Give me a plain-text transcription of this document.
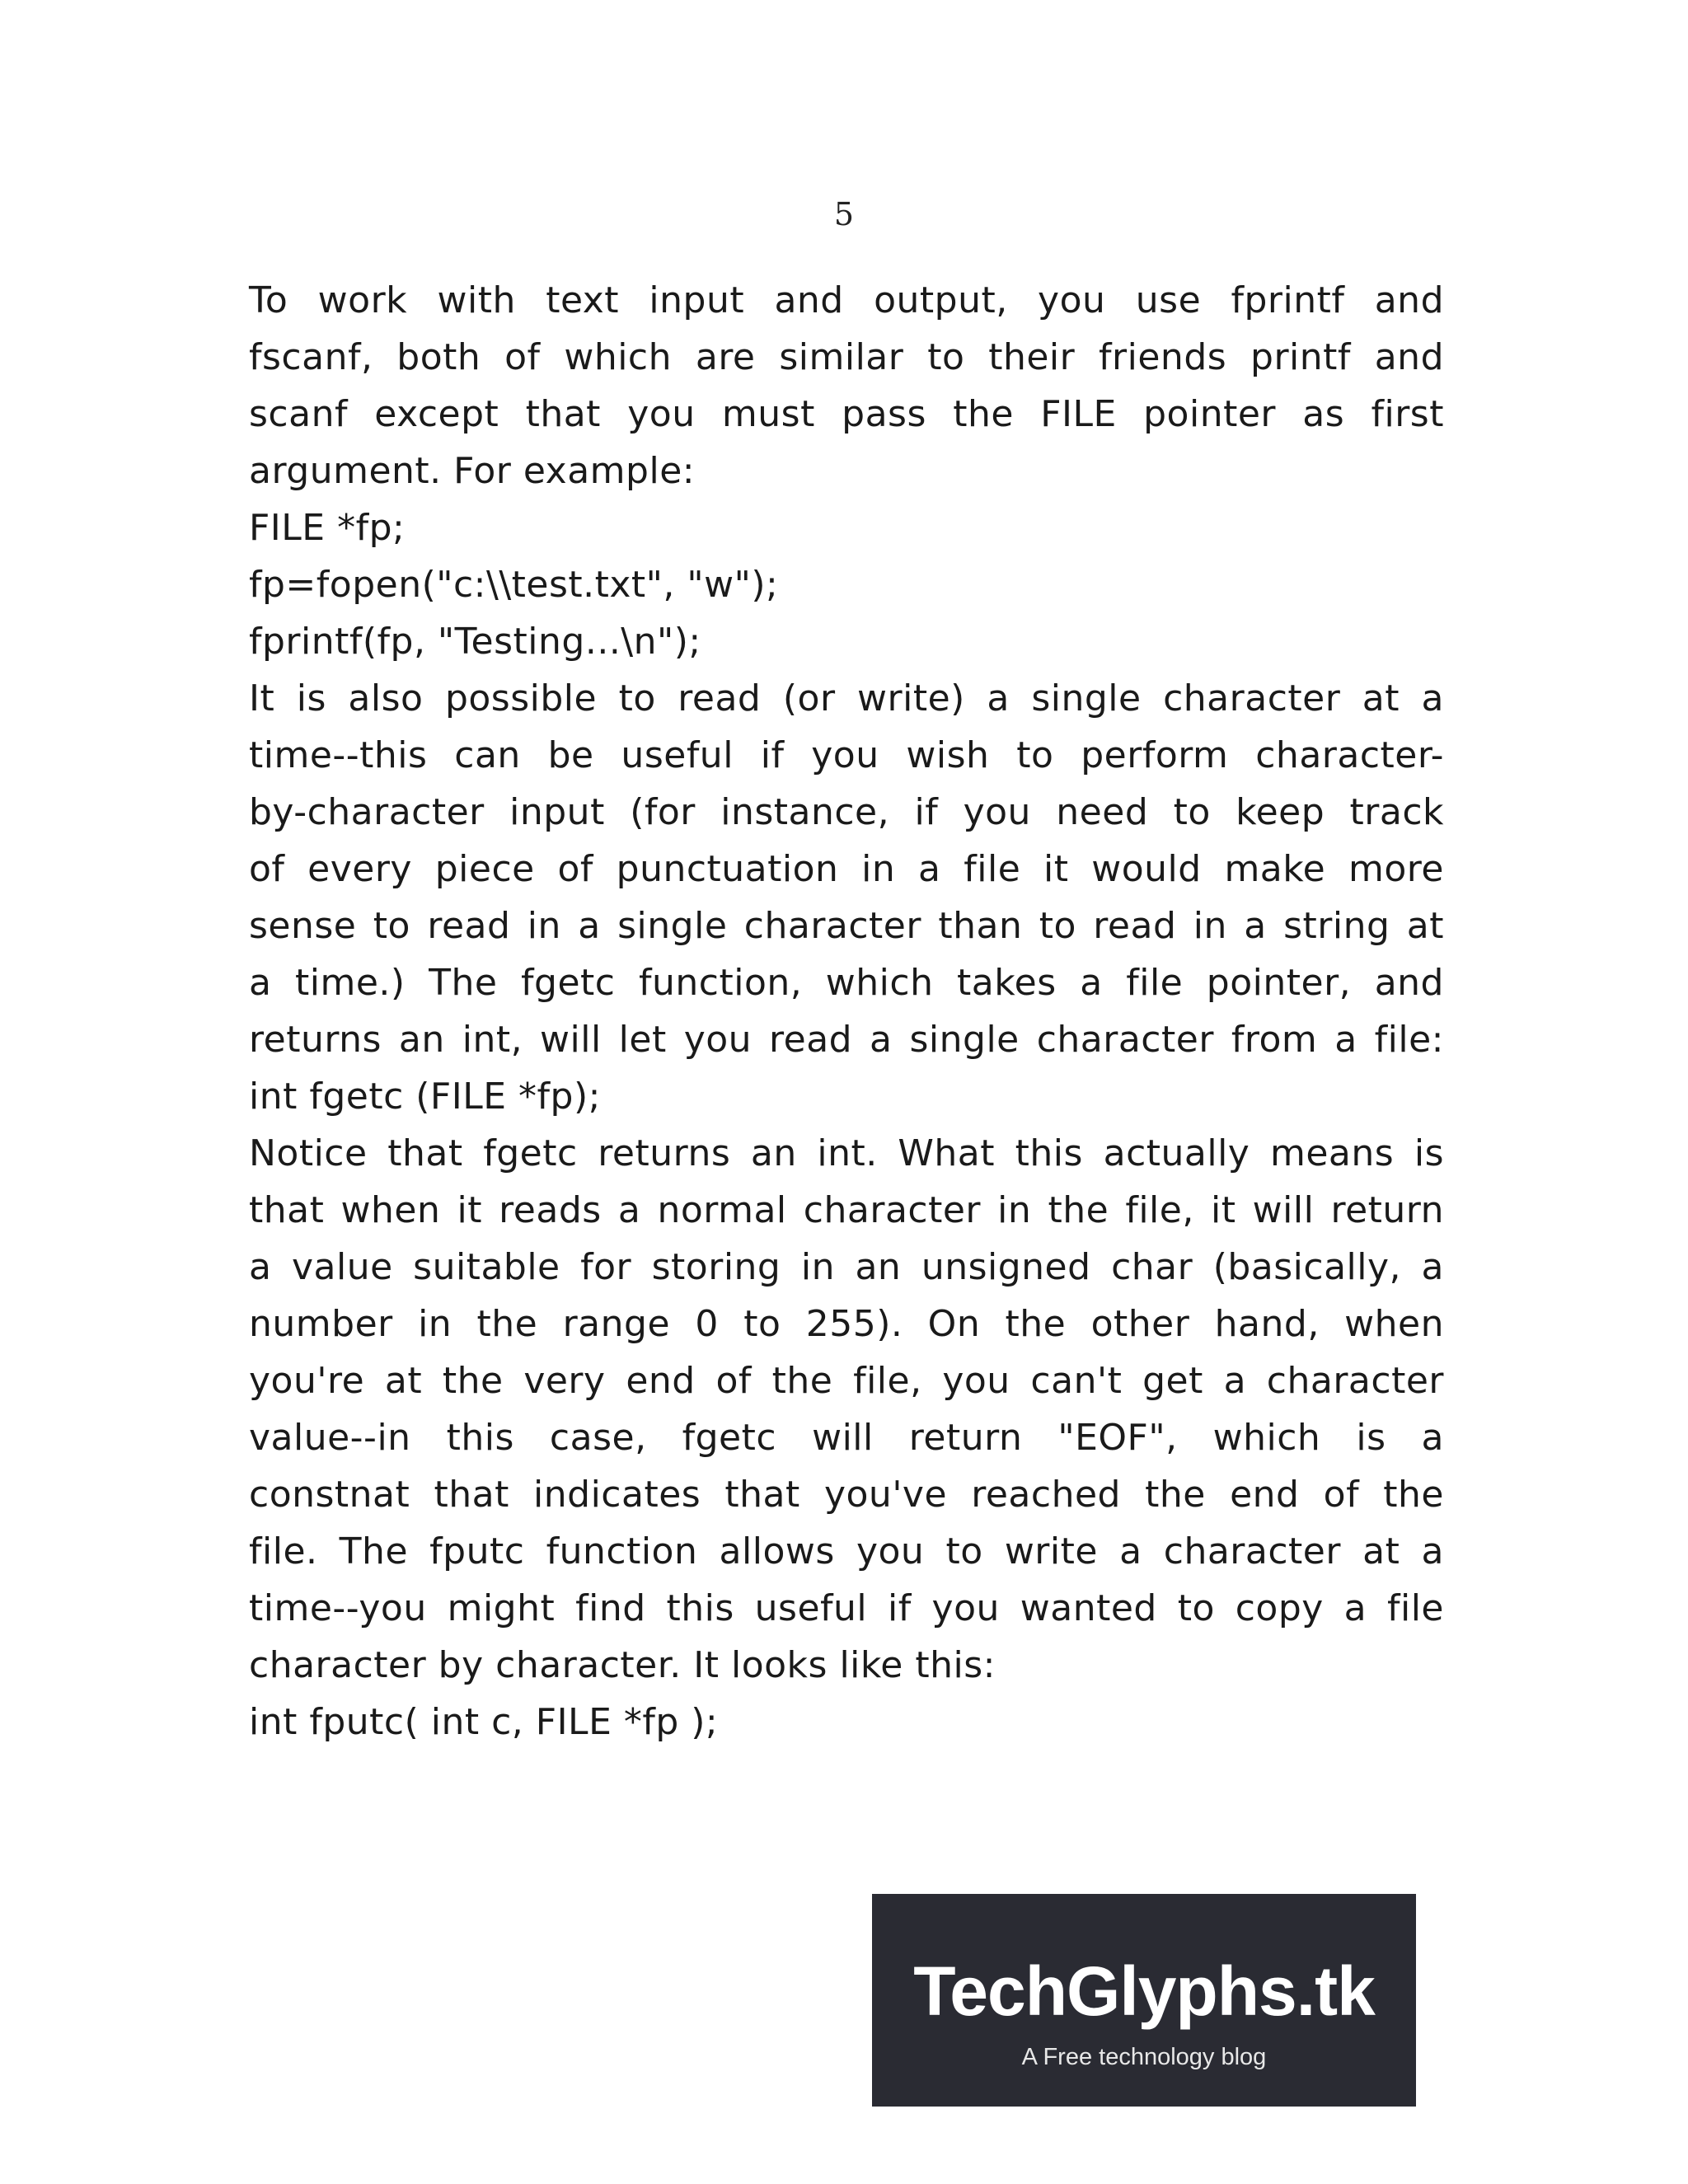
5
To work with text input and output, you use fprintf and
fscanf, both of which are similar to their friends printf and
scanf except that you must pass the FILE pointer as first
argument. For example:
FILE *fp;
fp=fopen("c:\\test.txt", "w");
fprintf(fp, "Testing...\n");
It is also possible to read (or write) a single character at a
time--this can be useful if you wish to perform character-
by-character input (for instance, if you need to keep track
of every piece of punctuation in a file it would make more
sense to read in a single character than to read in a string at
a time.) The fgetc function, which takes a file pointer, and
returns an int, will let you read a single character from a file:
int fgetc (FILE *fp);
Notice that fgetc returns an int. What this actually means is
that when it reads a normal character in the file, it will return
a value suitable for storing in an unsigned char (basically, a
number in the range 0 to 255). On the other hand, when
you're at the very end of the file, you can't get a character
value--in this case, fgetc will return "EOF", which is a
constnat that indicates that you've reached the end of the
file. The fputc function allows you to write a character at a
time--you might find this useful if you wanted to copy a file
character by character. It looks like this:
int fputc( int c, FILE *fp );
TechGlyphs.tk
A Free technology blog
